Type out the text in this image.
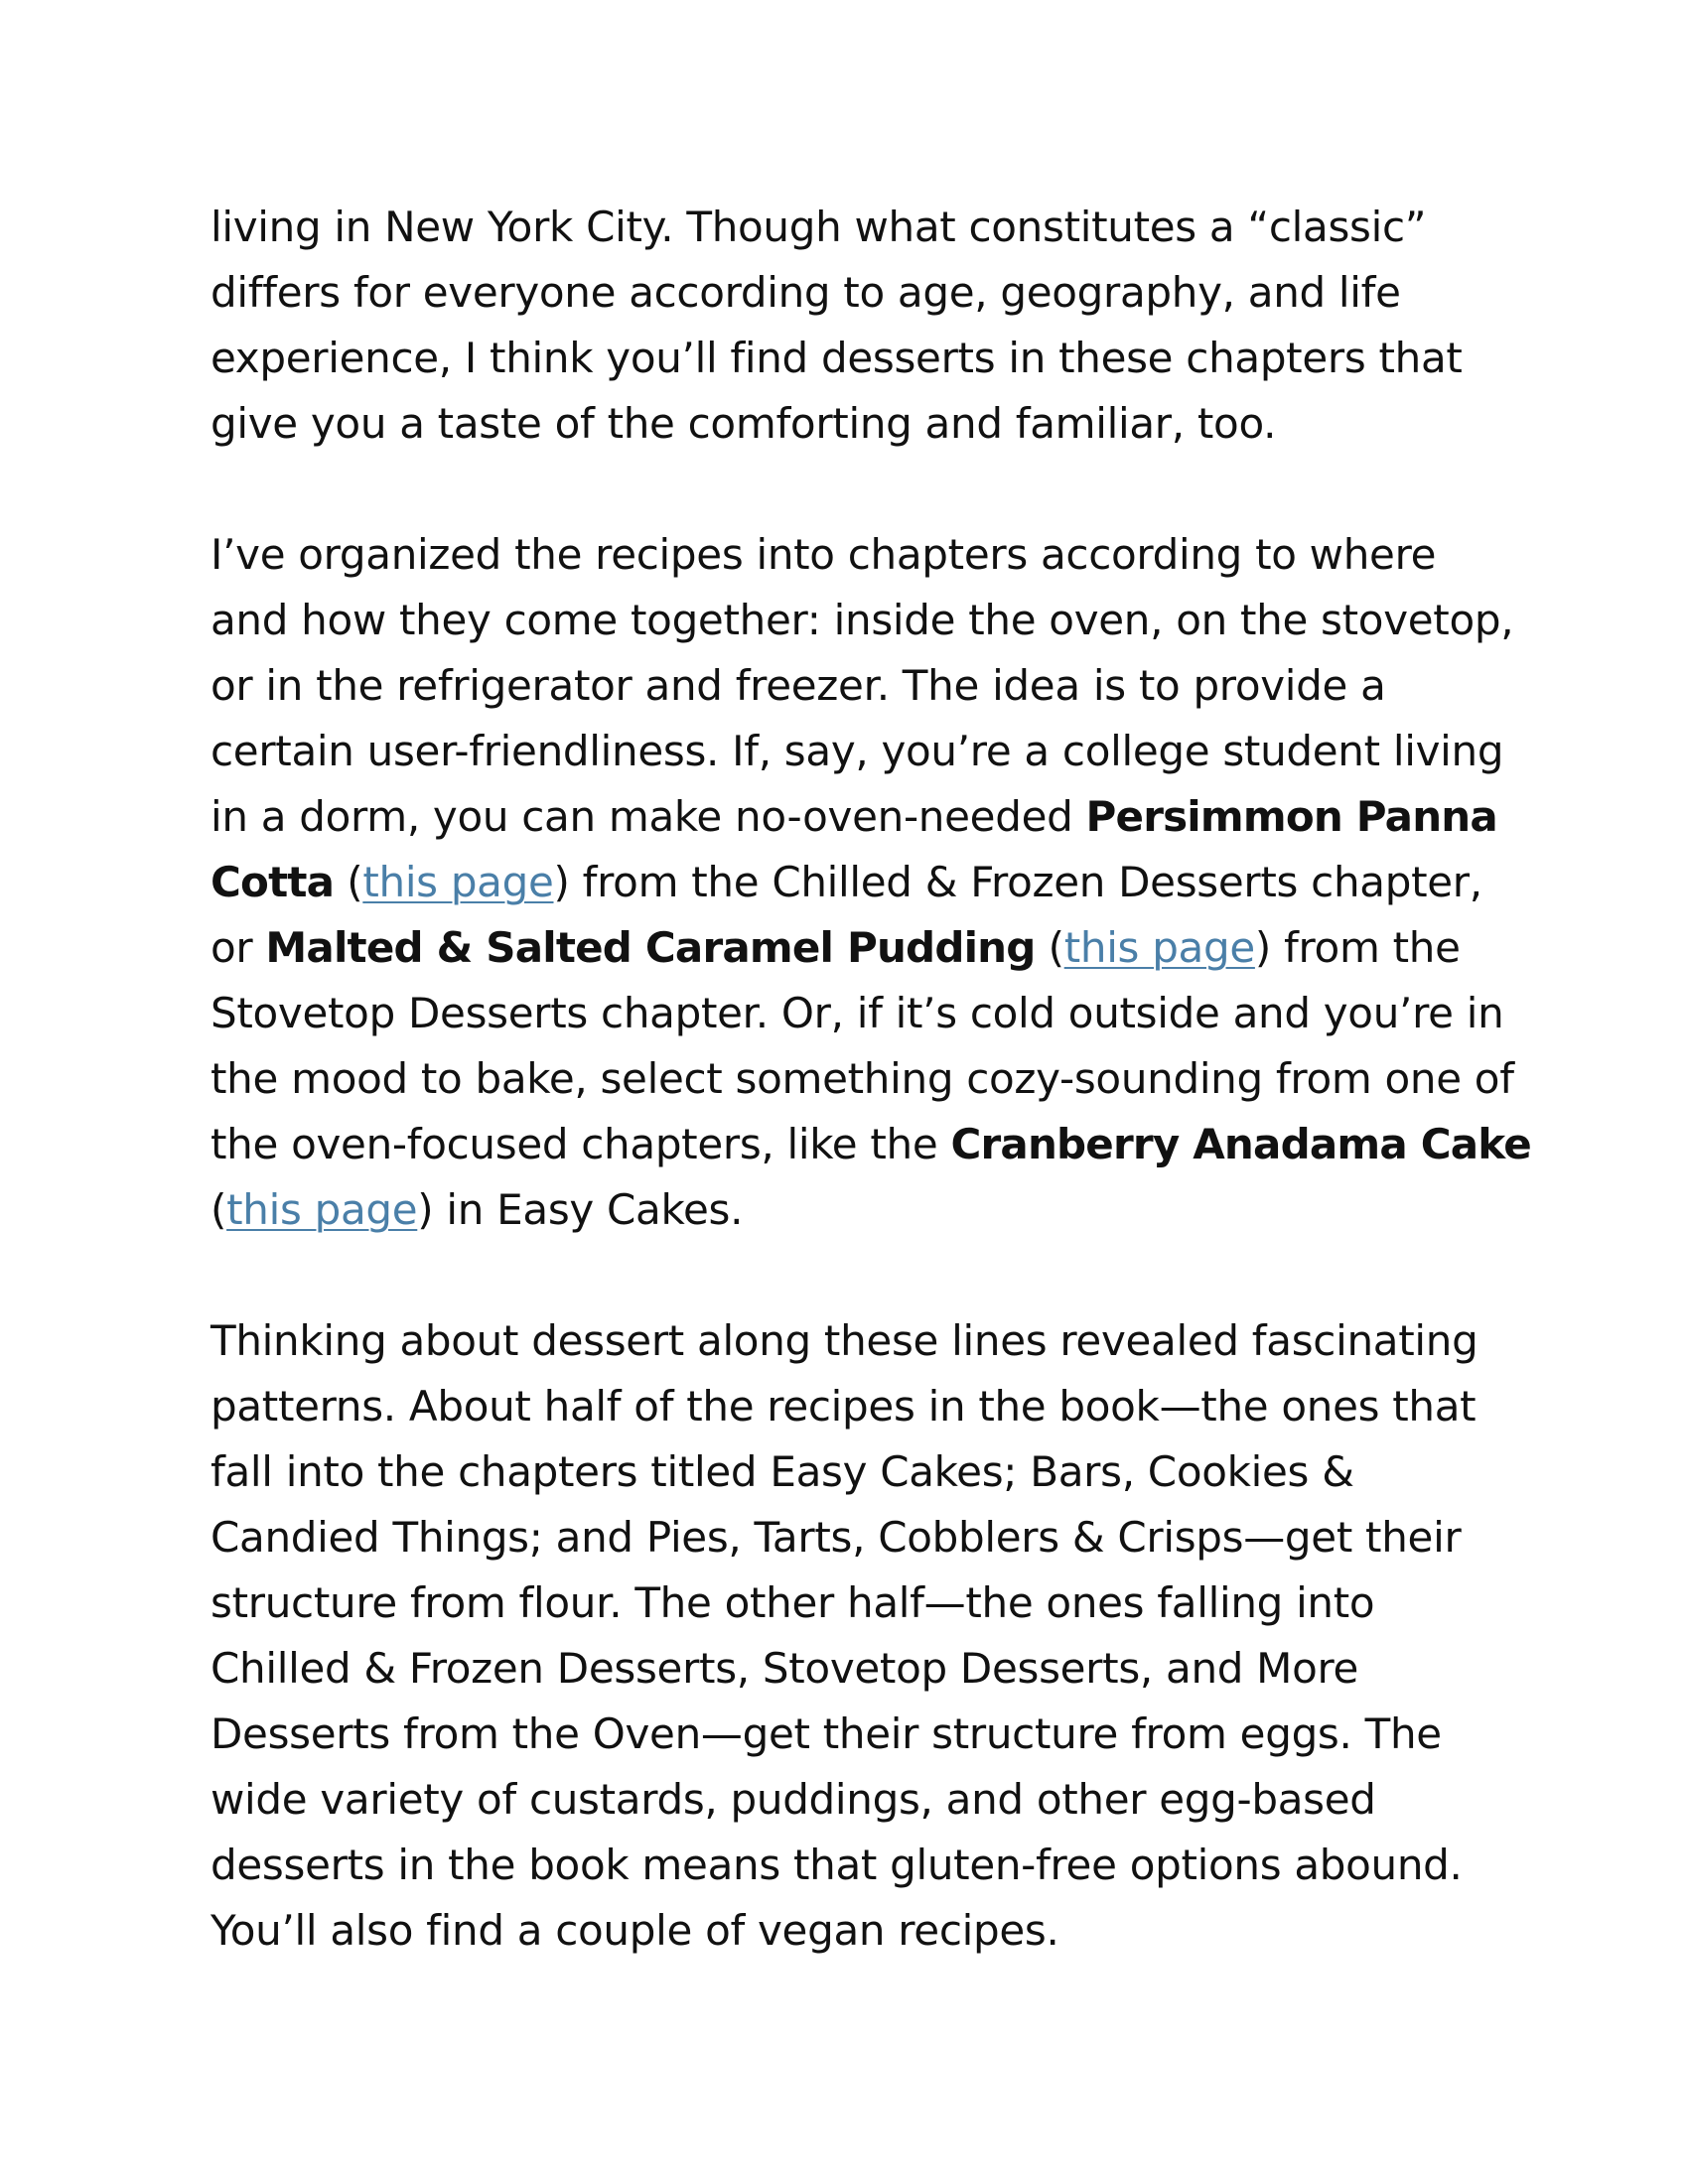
living in New York City. Though what constitutes a “classic”
differs for everyone according to age, geography, and life
experience, I think you’ll find desserts in these chapters that
give you a taste of the comforting and familiar, too.
I’ve organized the recipes into chapters according to where
and how they come together: inside the oven, on the stovetop,
or in the refrigerator and freezer. The idea is to provide a
certain user-friendliness. If, say, you’re a college student living
in a dorm, you can make no-oven-needed Persimmon Panna
Cotta (this page) from the Chilled & Frozen Desserts chapter,
or Malted & Salted Caramel Pudding (this page) from the
Stovetop Desserts chapter. Or, if it’s cold outside and you’re in
the mood to bake, select something cozy-sounding from one of
the oven-focused chapters, like the Cranberry Anadama Cake
(this page) in Easy Cakes.
Thinking about dessert along these lines revealed fascinating
patterns. About half of the recipes in the book—the ones that
fall into the chapters titled Easy Cakes; Bars, Cookies &
Candied Things; and Pies, Tarts, Cobblers & Crisps—get their
structure from flour. The other half—the ones falling into
Chilled & Frozen Desserts, Stovetop Desserts, and More
Desserts from the Oven—get their structure from eggs. The
wide variety of custards, puddings, and other egg-based
desserts in the book means that gluten-free options abound.
You’ll also find a couple of vegan recipes.
